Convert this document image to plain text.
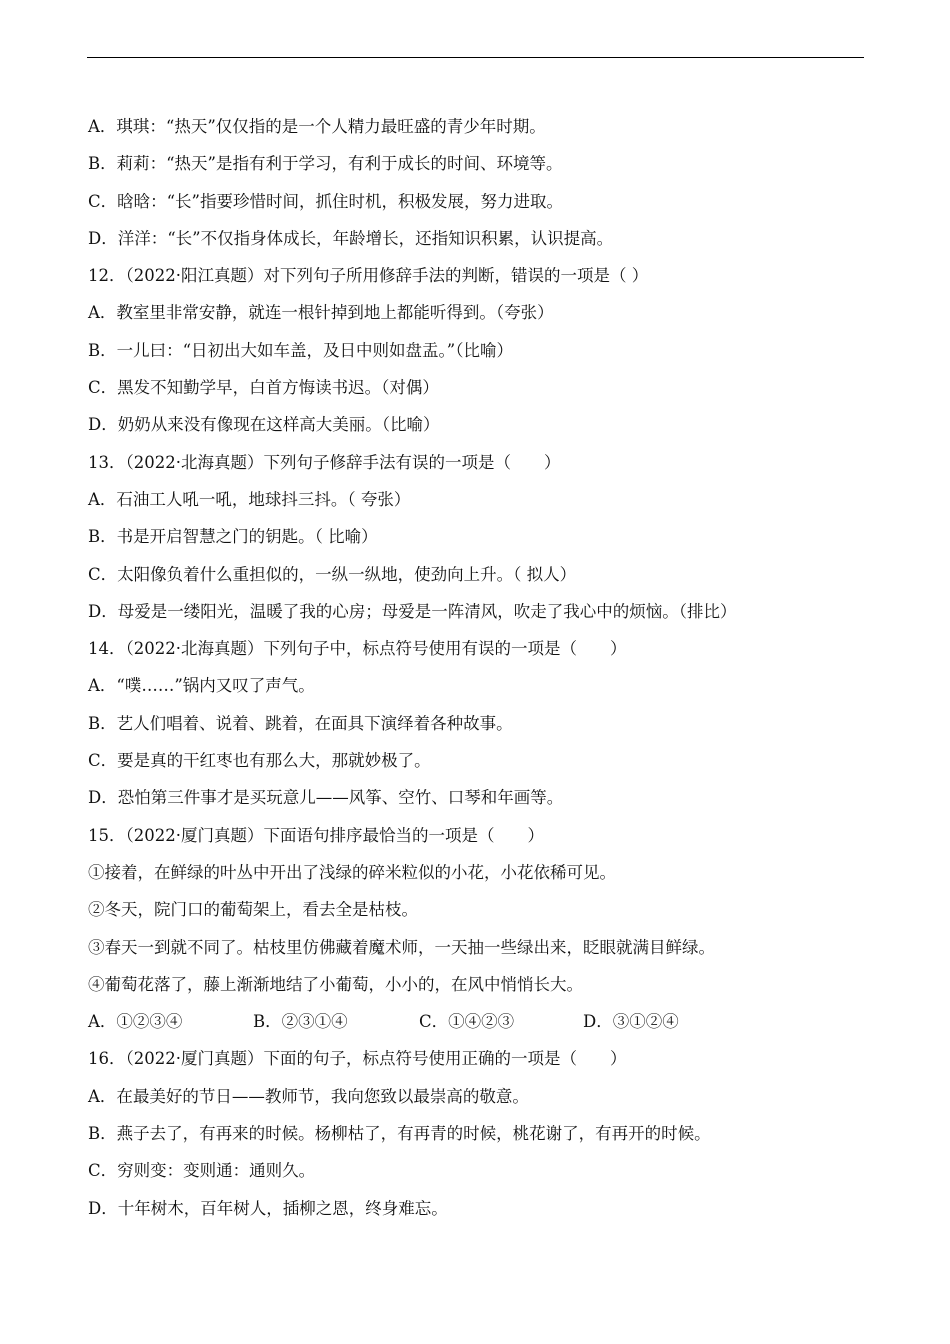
A．琪琪：“热天”仅仅指的是一个人精力最旺盛的青少年时期。
B．莉莉：“热天”是指有利于学习，有利于成长的时间、环境等。
C．晗晗：“长”指要珍惜时间，抓住时机，积极发展，努力进取。
D．洋洋：“长”不仅指身体成长，年龄增长，还指知识积累，认识提高。
12．（2022·阳江真题）对下列句子所用修辞手法的判断，错误的一项是（ ）
A．教室里非常安静，就连一根针掉到地上都能听得到。（夸张）
B．一儿曰：“日初出大如车盖，及日中则如盘盂。”（比喻）
C．黑发不知勤学早，白首方悔读书迟。（对偶）
D．奶奶从来没有像现在这样高大美丽。（比喻）
13．（2022·北海真题）下列句子修辞手法有误的一项是（　　）
A．石油工人吼一吼，地球抖三抖。（ 夸张）
B．书是开启智慧之门的钥匙。（ 比喻）
C．太阳像负着什么重担似的，一纵一纵地，使劲向上升。（ 拟人）
D．母爱是一缕阳光，温暖了我的心房；母爱是一阵清风，吹走了我心中的烦恼。（排比）
14．（2022·北海真题）下列句子中，标点符号使用有误的一项是（　　）
A．“噗……”锅内又叹了声气。
B．艺人们唱着、说着、跳着，在面具下演绎着各种故事。
C．要是真的干红枣也有那么大，那就妙极了。
D．恐怕第三件事才是买玩意儿——风筝、空竹、口琴和年画等。
15．（2022·厦门真题）下面语句排序最恰当的一项是（　　）
①接着，在鲜绿的叶丛中开出了浅绿的碎米粒似的小花，小花依稀可见。
②冬天，院门口的葡萄架上，看去全是枯枝。
③春天一到就不同了。枯枝里仿佛藏着魔术师，一天抽一些绿出来，眨眼就满目鲜绿。
④葡萄花落了，藤上渐渐地结了小葡萄，小小的，在风中悄悄长大。
A．①②③④	B．②③①④	C．①④②③	D．③①②④
16．（2022·厦门真题）下面的句子，标点符号使用正确的一项是（　　）
A．在最美好的节日——教师节，我向您致以最崇高的敬意。
B．燕子去了，有再来的时候。杨柳枯了，有再青的时候，桃花谢了，有再开的时候。
C．穷则变：变则通：通则久。
D．十年树木，百年树人，插柳之恩，终身难忘。
